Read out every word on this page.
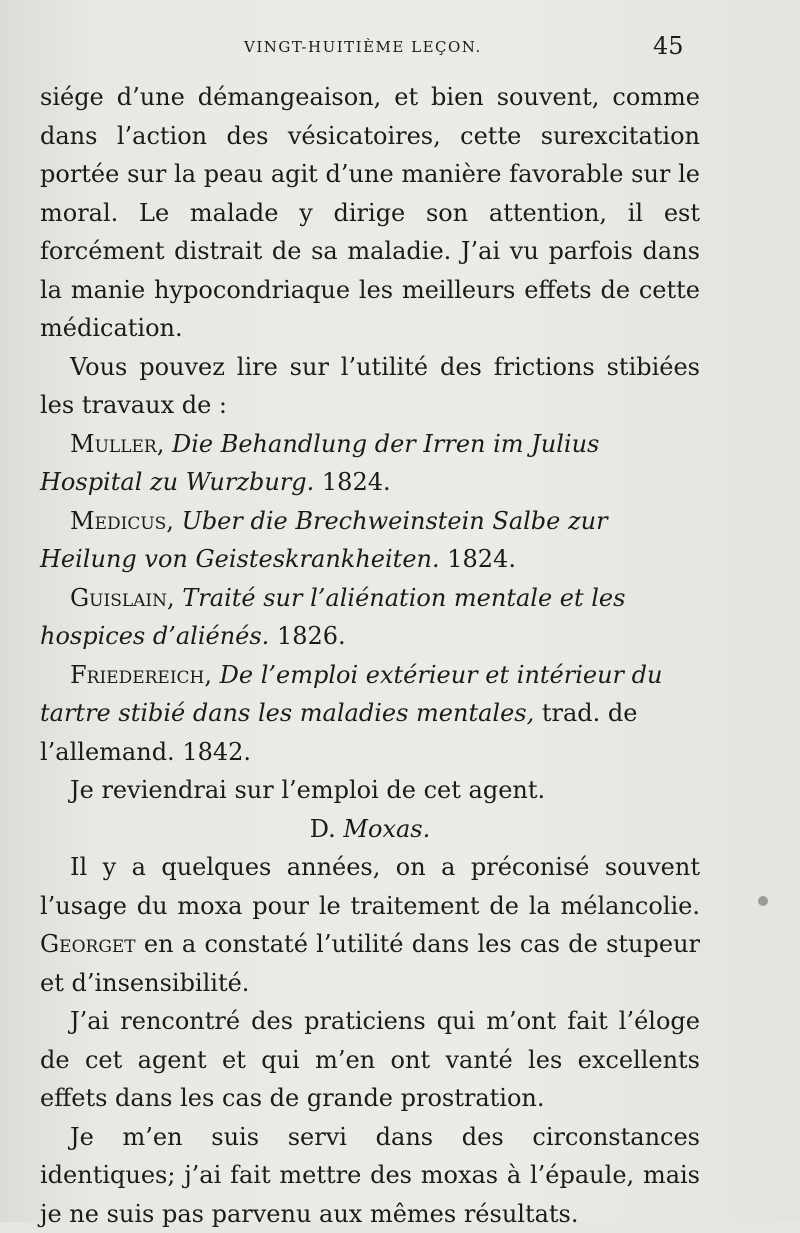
VINGT-HUITIÈME LEÇON.	45

siége d’une démangeaison, et bien souvent, comme dans l’action des vésicatoires, cette surexcitation portée sur la peau agit d’une manière favorable sur le moral. Le malade y dirige son attention, il est forcément distrait de sa maladie. J’ai vu parfois dans la manie hypocondriaque les meilleurs effets de cette médication.

Vous pouvez lire sur l’utilité des frictions stibiées les travaux de :

Muller, Die Behandlung der Irren im Julius Hospital zu Wurzburg. 1824.

Medicus, Uber die Brechweinstein Salbe zur Heilung von Geisteskrankheiten. 1824.

Guislain, Traité sur l’aliénation mentale et les hospices d’aliénés. 1826.

Friedereich, De l’emploi extérieur et intérieur du tartre stibié dans les maladies mentales, trad. de l’allemand. 1842.

Je reviendrai sur l’emploi de cet agent.

D. Moxas.

Il y a quelques années, on a préconisé souvent l’usage du moxa pour le traitement de la mélancolie. Georget en a constaté l’utilité dans les cas de stupeur et d’insensibilité.

J’ai rencontré des praticiens qui m’ont fait l’éloge de cet agent et qui m’en ont vanté les excellents effets dans les cas de grande prostration.

Je m’en suis servi dans des circonstances identiques; j’ai fait mettre des moxas à l’épaule, mais je ne suis pas parvenu aux mêmes résultats.
